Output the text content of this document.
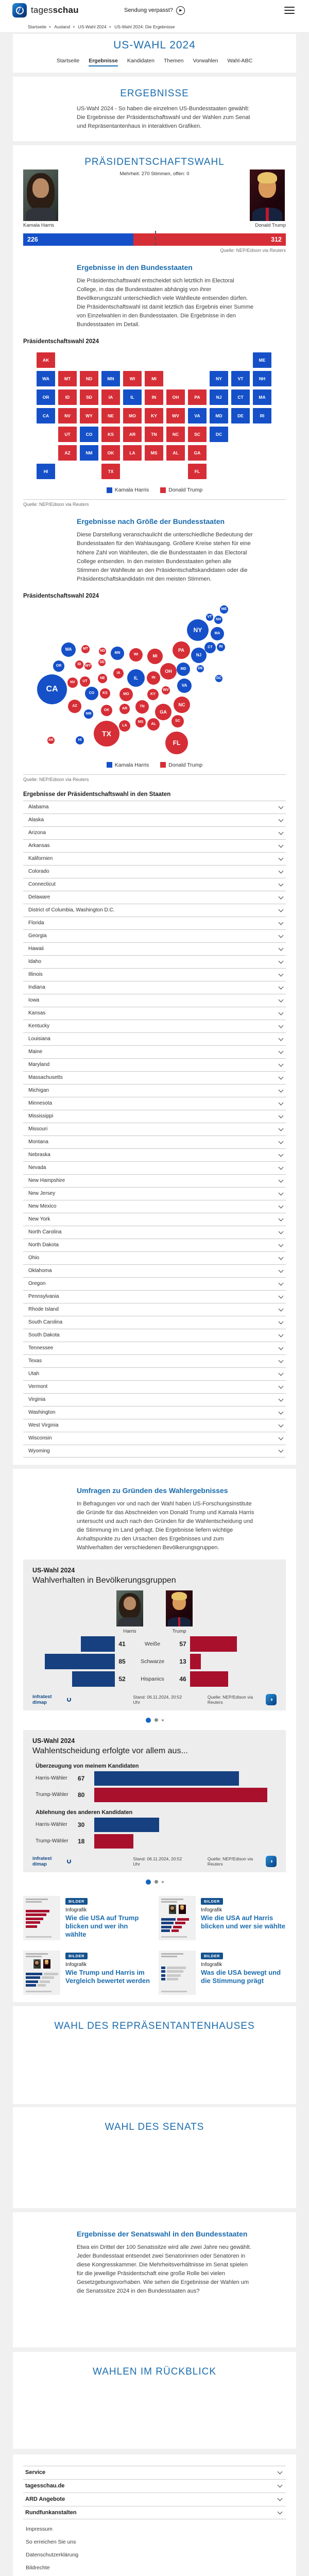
tagesschau	Sendung verpasst?	▶
Startseite ▸ Ausland ▸ US-Wahl 2024 ▸ US-Wahl 2024: Die Ergebnisse
US-WAHL 2024
Startseite Ergebnisse Kandidaten Themen Vorwahlen Wahl-ABC
ERGEBNISSE

US-Wahl 2024 - So haben die einzelnen US-Bundesstaaten gewählt: Die Ergebnisse der Präsidentschaftswahl und der Wahlen zum Senat und Repräsentantenhaus in interaktiven Grafiken.

PRÄSIDENTSCHAFTSWAHL
Mehrheit: 270 Stimmen, offen: 0
Kamala Harris	Donald Trump
226	312
Quelle: NEP/Edison via Reuters
Ergebnisse in den Bundesstaaten

Die Präsidentschaftswahl entscheidet sich letztlich im Electoral College, in das die Bundesstaaten abhängig von ihrer Bevölkerungszahl unterschiedlich viele Wahlleute entsenden dürfen. Die Präsidentschaftswahl ist damit letztlich das Ergebnis einer Summe von Einzelwahlen in den Bundesstaaten. Die Ergebnisse in den Bundesstaaten im Detail.

Präsidentschaftswahl 2024
AL
AK
AZ
AR
CA
CO
CT
DE
DC
FL
GA
HI
ID	IL	IN
IA
KS
KY
LA
ME
MD
MA
MI
MN
MS
MO
MT
NE
NV
NH
NJ
NM
NY
NC
ND
OH
OK
OR	PA
RI
SC
SD
TN
TX
UT
VT
VA
WA
WV
WI
WY
Kamala Harris	Donald Trump
Quelle: NEP/Edison via Reuters
Ergebnisse nach Größe der Bundesstaaten

Diese Darstellung veranschaulicht die unterschiedliche Bedeutung der Bundesstaaten für den Wahlausgang. Größere Kreise stehen für eine höhere Zahl von Wahlleuten, die die Bundesstaaten in das Electoral College entsenden. In den meisten Bundesstaaten gehen alle Stimmen der Wahlleute an den Präsidentschaftskandidaten oder die Präsidentschaftskandidatin mit den meisten Stimmen.

Präsidentschaftswahl 2024
AL
AK
AZ
AR
CA	CO
CT
DE
DC
FL
GA
HI
ID
IL	IN
IA
KS	KY
LA
ME
MD
MA
MI
MN
MS
MO
MT
NE
NV
NH
NJ
NM
NY
NC
ND
OH
OK
OR
PA
RI
SC
SD
TN
TX
UT
VT
VA
WA
WV
WI
WY
Kamala Harris	Donald Trump
Quelle: NEP/Edison via Reuters
Ergebnisse der Präsidentschaftswahl in den Staaten
Alabama
Alaska
Arizona
Arkansas
Kalifornien
Colorado
Connecticut
Delaware
District of Columbia, Washington D.C.
Florida
Georgia
Hawaii
Idaho
Illinois
Indiana
Iowa
Kansas
Kentucky
Louisiana
Maine
Maryland
Massachusetts
Michigan
Minnesota
Mississippi
Missouri
Montana
Nebraska
Nevada
New Hampshire
New Jersey
New Mexico
New York
North Carolina
North Dakota
Ohio
Oklahoma
Oregon
Pennsylvania
Rhode Island
South Carolina
South Dakota
Tennessee
Texas
Utah
Vermont
Virginia
Washington
West Virginia
Wisconsin
Wyoming
Umfragen zu Gründen des Wahlergebnisses

In Befragungen vor und nach der Wahl haben US-Forschungsinstitute die Gründe für das Abschneiden von Donald Trump und Kamala Harris untersucht und auch nach den Gründen für die Wahlentscheidung und die Stimmung im Land gefragt. Die Ergebnisse liefern wichtige Anhaltspunkte zu den Ursachen des Ergebnisses und zum Wahlverhalten der verschiedenen Bevölkerungsgruppen.

US-Wahl 2024
Wahlverhalten in Bevölkerungsgruppen
Harris	Trump
41	Weiße	57
85	Schwarze	13
52	Hispanics	46
infratest dimap
Stand: 06.11.2024, 20:52 Uhr
Quelle: NEP/Edison via Reuters	◑
US-Wahl 2024
Wahlentscheidung erfolgte vor allem aus...
Überzeugung von meinem Kandidaten
Harris-Wähler	67
Trump-Wähler	80
Ablehnung des anderen Kandidaten
Harris-Wähler	30
Trump-Wähler	18
infratest dimap
Stand: 06.11.2024, 20:52 Uhr
Quelle: NEP/Edison via Reuters	◑
BILDER
Infografik
Wie die USA auf Trump blicken und wer ihn wählte
BILDER
Infografik
Wie die USA auf Harris blicken und wer sie wählte
BILDER
Infografik
Wie Trump und Harris im Vergleich bewertet werden
BILDER
Infografik
Was die USA bewegt und die Stimmung prägt
WAHL DES REPRÄSENTANTENHAUSES
WAHL DES SENATS
Ergebnisse der Senatswahl in den Bundesstaaten

Etwa ein Drittel der 100 Senatssitze wird alle zwei Jahre neu gewählt. Jeder Bundesstaat entsendet zwei Senatorinnen oder Senatoren in diese Kongresskammer. Die Mehrheitsverhältnisse im Senat spielen für die jeweilige Präsidentschaft eine große Rolle bei vielen Gesetzgebungsvorhaben. Wie sehen die Ergebnisse der Wahlen um die Senatssitze 2024 in den Bundesstaaten aus?

WAHLEN IM RÜCKBLICK
Service
tagesschau.de
ARD Angebote
Rundfunkanstalten
Impressum
So erreichen Sie uns
Datenschutzerklärung
Bildrechte
